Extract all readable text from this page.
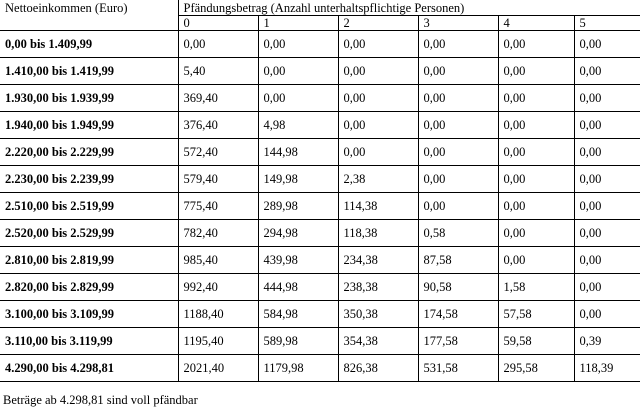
Nettoeinkommen (Euro)	Pfändungsbetrag (Anzahl unterhaltspflichtige Personen)					
	0	1	2	3	4	5
0,00 bis 1.409,99	0,00	0,00	0,00	0,00	0,00	0,00
1.410,00 bis 1.419,99	5,40	0,00	0,00	0,00	0,00	0,00
1.930,00 bis 1.939,99	369,40	0,00	0,00	0,00	0,00	0,00
1.940,00 bis 1.949,99	376,40	4,98	0,00	0,00	0,00	0,00
2.220,00 bis 2.229,99	572,40	144,98	0,00	0,00	0,00	0,00
2.230,00 bis 2.239,99	579,40	149,98	2,38	0,00	0,00	0,00
2.510,00 bis 2.519,99	775,40	289,98	114,38	0,00	0,00	0,00
2.520,00 bis 2.529,99	782,40	294,98	118,38	0,58	0,00	0,00
2.810,00 bis 2.819,99	985,40	439,98	234,38	87,58	0,00	0,00
2.820,00 bis 2.829,99	992,40	444,98	238,38	90,58	1,58	0,00
3.100,00 bis 3.109,99	1188,40	584,98	350,38	174,58	57,58	0,00
3.110,00 bis 3.119,99	1195,40	589,98	354,38	177,58	59,58	0,39
4.290,00 bis 4.298,81	2021,40	1179,98	826,38	531,58	295,58	118,39
Beträge ab 4.298,81 sind voll pfändbar
